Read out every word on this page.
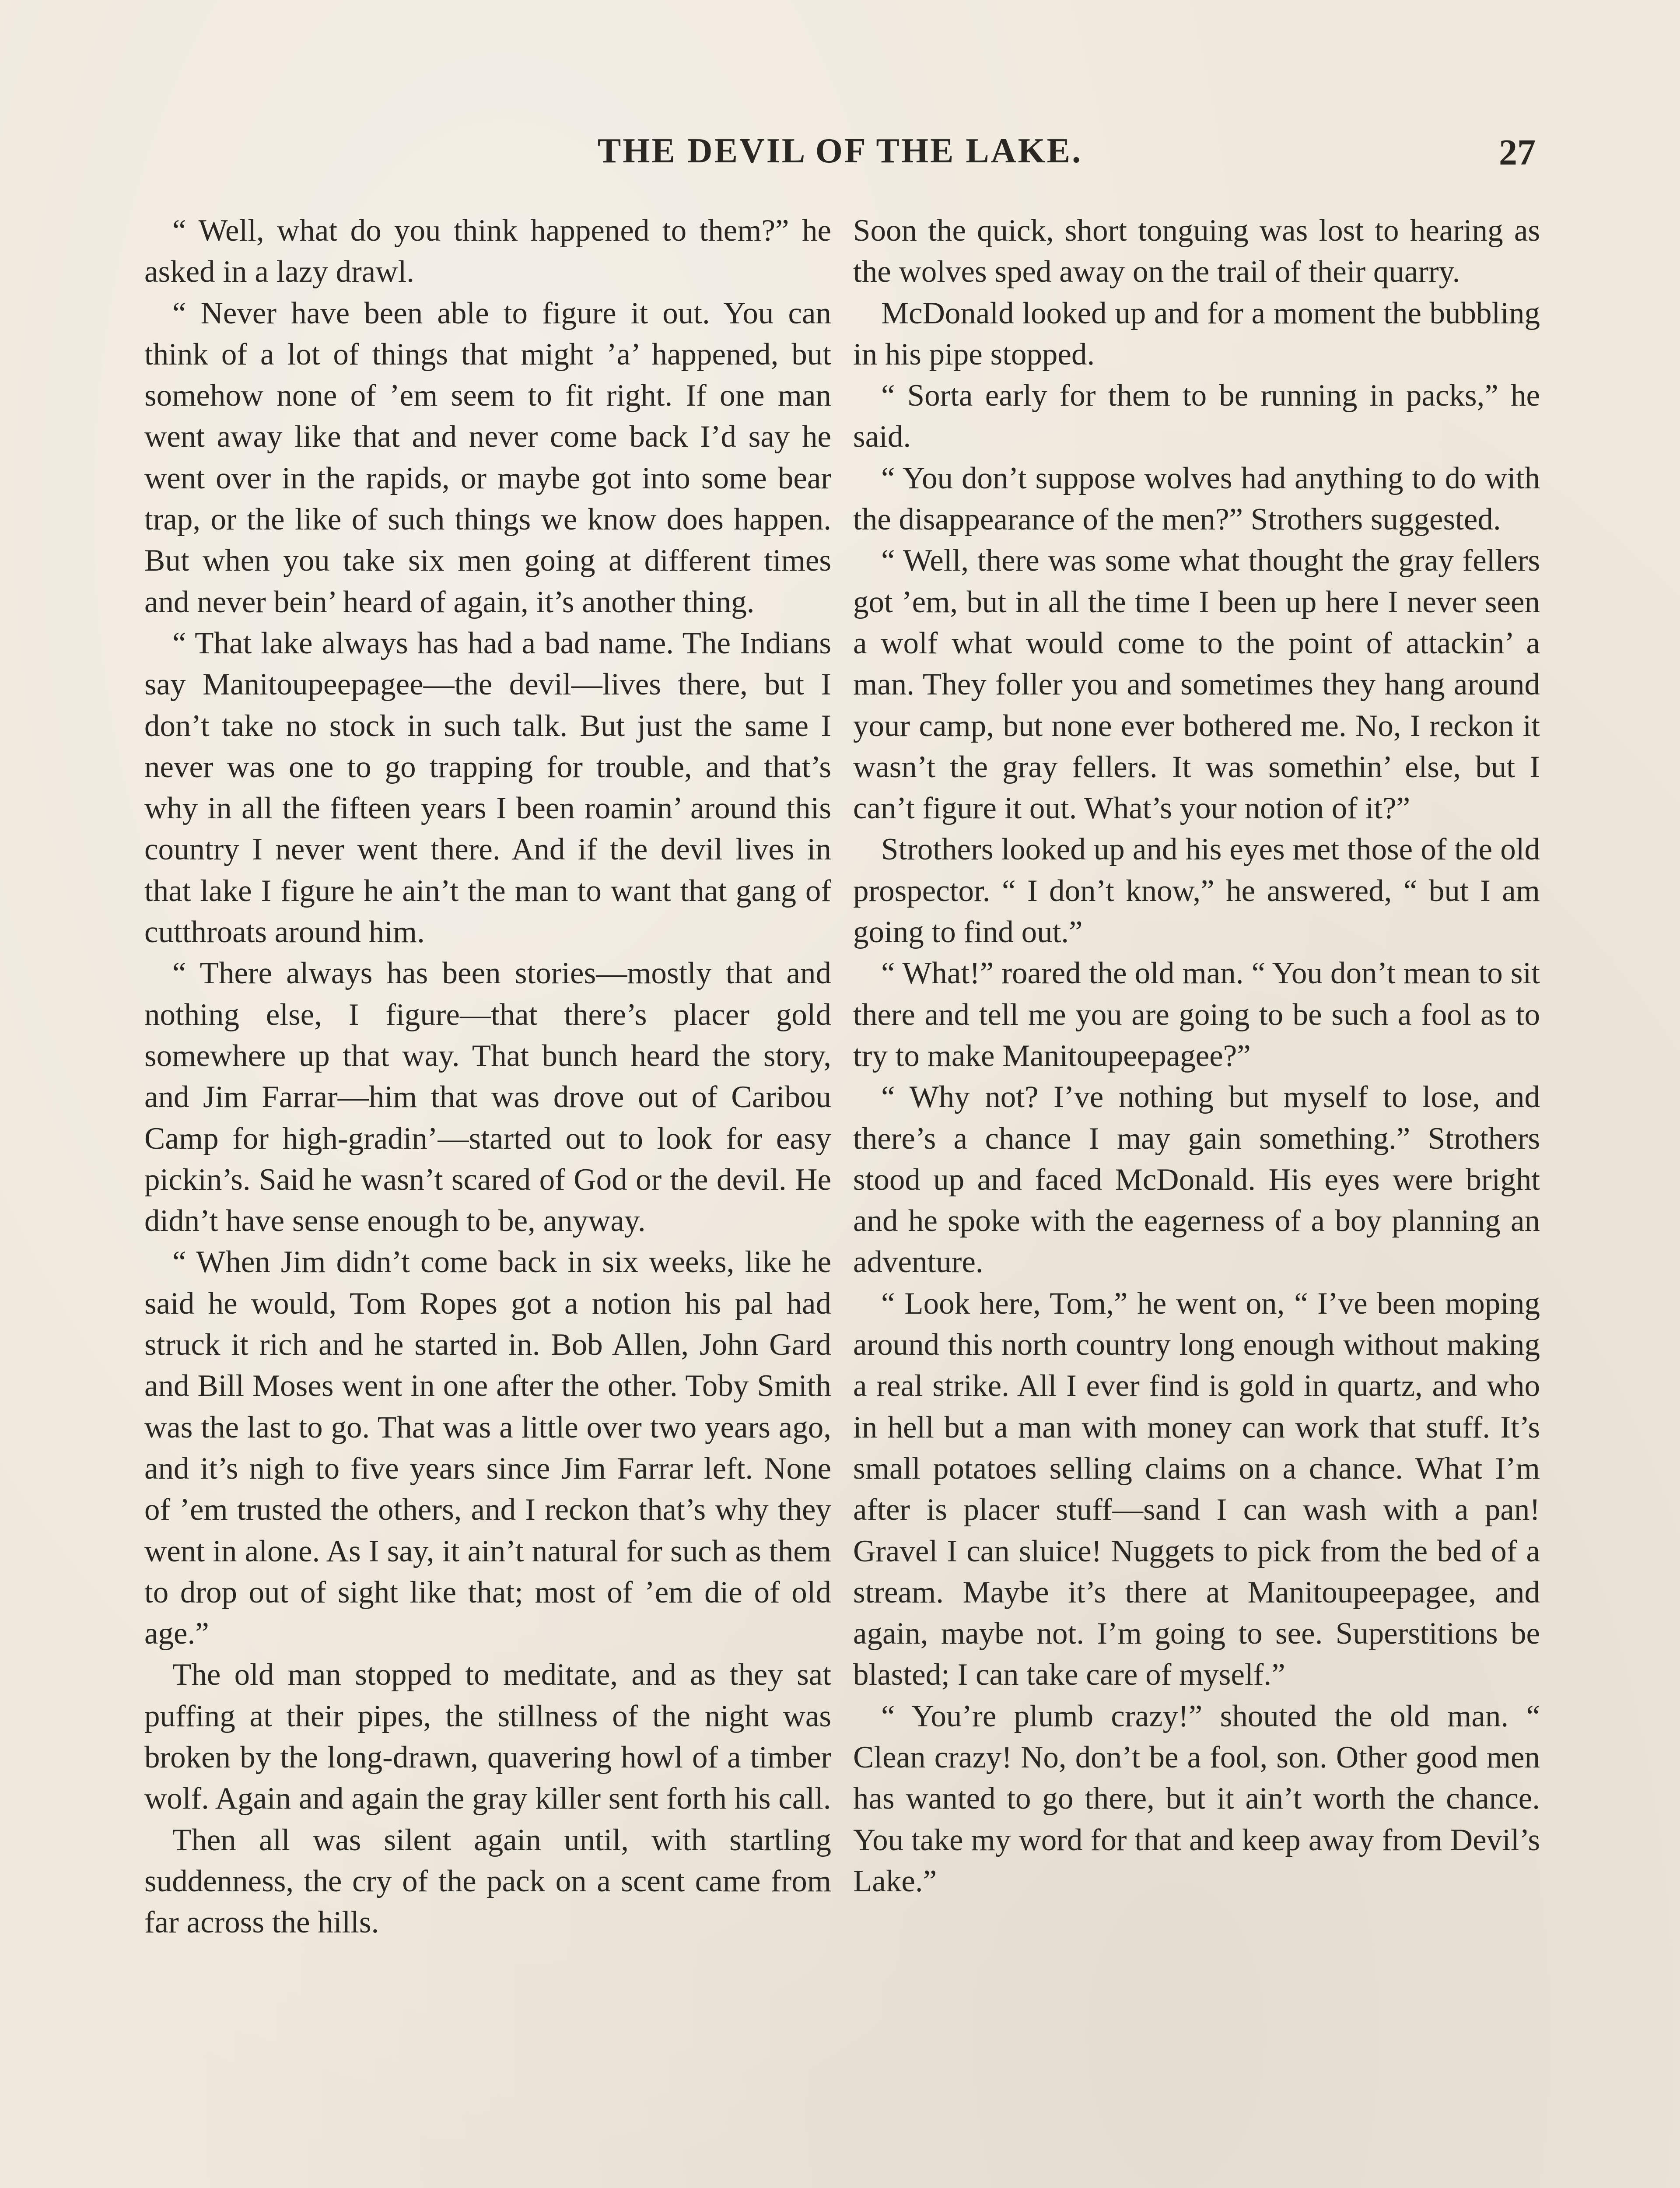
THE DEVIL OF THE LAKE.	27

“ Well, what do you think happened to them?” he asked in a lazy drawl.

“ Never have been able to figure it out. You can think of a lot of things that might ’a’ happened, but somehow none of ’em seem to fit right. If one man went away like that and never come back I’d say he went over in the rapids, or maybe got into some bear trap, or the like of such things we know does happen. But when you take six men going at different times and never bein’ heard of again, it’s another thing.

“ That lake always has had a bad name. The Indians say Manitoupeepagee—the devil—lives there, but I don’t take no stock in such talk. But just the same I never was one to go trapping for trouble, and that’s why in all the fifteen years I been roamin’ around this country I never went there. And if the devil lives in that lake I figure he ain’t the man to want that gang of cutthroats around him.

“ There always has been stories—mostly that and nothing else, I figure—that there’s placer gold somewhere up that way. That bunch heard the story, and Jim Farrar—him that was drove out of Caribou Camp for high-gradin’—started out to look for easy pickin’s. Said he wasn’t scared of God or the devil. He didn’t have sense enough to be, anyway.

“ When Jim didn’t come back in six weeks, like he said he would, Tom Ropes got a notion his pal had struck it rich and he started in. Bob Allen, John Gard and Bill Moses went in one after the other. Toby Smith was the last to go. That was a little over two years ago, and it’s nigh to five years since Jim Farrar left. None of ’em trusted the others, and I reckon that’s why they went in alone. As I say, it ain’t natural for such as them to drop out of sight like that; most of ’em die of old age.”

The old man stopped to meditate, and as they sat puffing at their pipes, the stillness of the night was broken by the long-drawn, quavering howl of a timber wolf. Again and again the gray killer sent forth his call.

Then all was silent again until, with startling suddenness, the cry of the pack on a scent came from far across the hills.

Soon the quick, short tonguing was lost to hearing as the wolves sped away on the trail of their quarry.

McDonald looked up and for a moment the bubbling in his pipe stopped.

“ Sorta early for them to be running in packs,” he said.

“ You don’t suppose wolves had anything to do with the disappearance of the men?” Strothers suggested.

“ Well, there was some what thought the gray fellers got ’em, but in all the time I been up here I never seen a wolf what would come to the point of attackin’ a man. They foller you and sometimes they hang around your camp, but none ever bothered me. No, I reckon it wasn’t the gray fellers. It was somethin’ else, but I can’t figure it out. What’s your notion of it?”

Strothers looked up and his eyes met those of the old prospector. “ I don’t know,” he answered, “ but I am going to find out.”

“ What!” roared the old man. “ You don’t mean to sit there and tell me you are going to be such a fool as to try to make Manitoupeepagee?”

“ Why not? I’ve nothing but myself to lose, and there’s a chance I may gain something.” Strothers stood up and faced McDonald. His eyes were bright and he spoke with the eagerness of a boy planning an adventure.

“ Look here, Tom,” he went on, “ I’ve been moping around this north country long enough without making a real strike. All I ever find is gold in quartz, and who in hell but a man with money can work that stuff. It’s small potatoes selling claims on a chance. What I’m after is placer stuff—sand I can wash with a pan! Gravel I can sluice! Nuggets to pick from the bed of a stream. Maybe it’s there at Manitoupeepagee, and again, maybe not. I’m going to see. Superstitions be blasted; I can take care of myself.”

“ You’re plumb crazy!” shouted the old man. “ Clean crazy! No, don’t be a fool, son. Other good men has wanted to go there, but it ain’t worth the chance. You take my word for that and keep away from Devil’s Lake.”
